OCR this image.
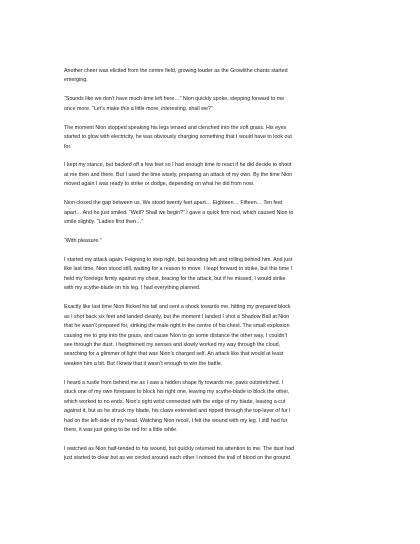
Another cheer was elicited from the centre field, growing louder as the Growlithe chants started
emerging.

“Sounds like we don’t have much time left here…” Nion quickly spoke, stepping forward to me
once more. “Let’s make this a little more, interesting, shall we?”

The moment Nion stopped speaking his legs tensed and clenched into the soft grass. His eyes
started to glow with electricity, he was obviously charging something that I would have to look out
for.

I kept my stance, but backed off a few feet so I had enough time to react if he did decide to shoot
at me then and there. But I used the time wisely, preparing an attack of my own. By the time Nion
moved again I was ready to strike or dodge, depending on what he did from now.

Nion closed the gap between us. We stood twenty feet apart… Eighteen… Fifteen… Ten feet
apart… And he just smiled. “Well? Shall we begin?” I gave a quick firm nod, which caused Nion to
smile slightly. “Ladies first then…”

“With pleasure.”

I started my attack again. Feigning to step right, but bounding left and rolling behind him. And just
like last time, Nion stood still, waiting for a reason to move. I leapt forward to strike, but this time I
held my forelegs firmly against my chest, bracing for the attack, but if he missed, I would strike
with my scythe-blade on his leg. I had everything planned.

Exactly like last time Nion flicked his tail and sent a shock towards me, hitting my prepared block
as I shot back six feet and landed cleanly, but the moment I landed I shot a Shadow Ball at Nion
that he wasn’t prepared for, striking the male right in the centre of his chest. The small explosion
causing me to grip into the grass, and cause Nion to go some distance the other way, I couldn’t
see through the dust. I heightened my senses and slowly worked my way through the cloud,
searching for a glimmer of light that was Nion’s charged self. An attack like that would at least
weaken him a bit. But I knew that it wasn’t enough to win the battle.

I heard a rustle from behind me as I saw a hidden shape fly towards me, paws outstretched. I
stuck one of my own forepaws to block his right one, leaving my scythe-blade to block the other,
which worked to no ends. Nion’s right wrist connected with the edge of my blade, leaving a cut
against it, but as he struck my blade, his claws extended and ripped through the top-layer of fur I
had on the left-side of my head. Watching Nion recoil, I felt the wound with my leg. I still had fur
there, it was just going to be red for a little while.

I watched as Nion half-tended to his wound, but quickly returned his attention to me. The dust had
just started to clear but as we circled around each other I noticed the trail of blood on the ground
